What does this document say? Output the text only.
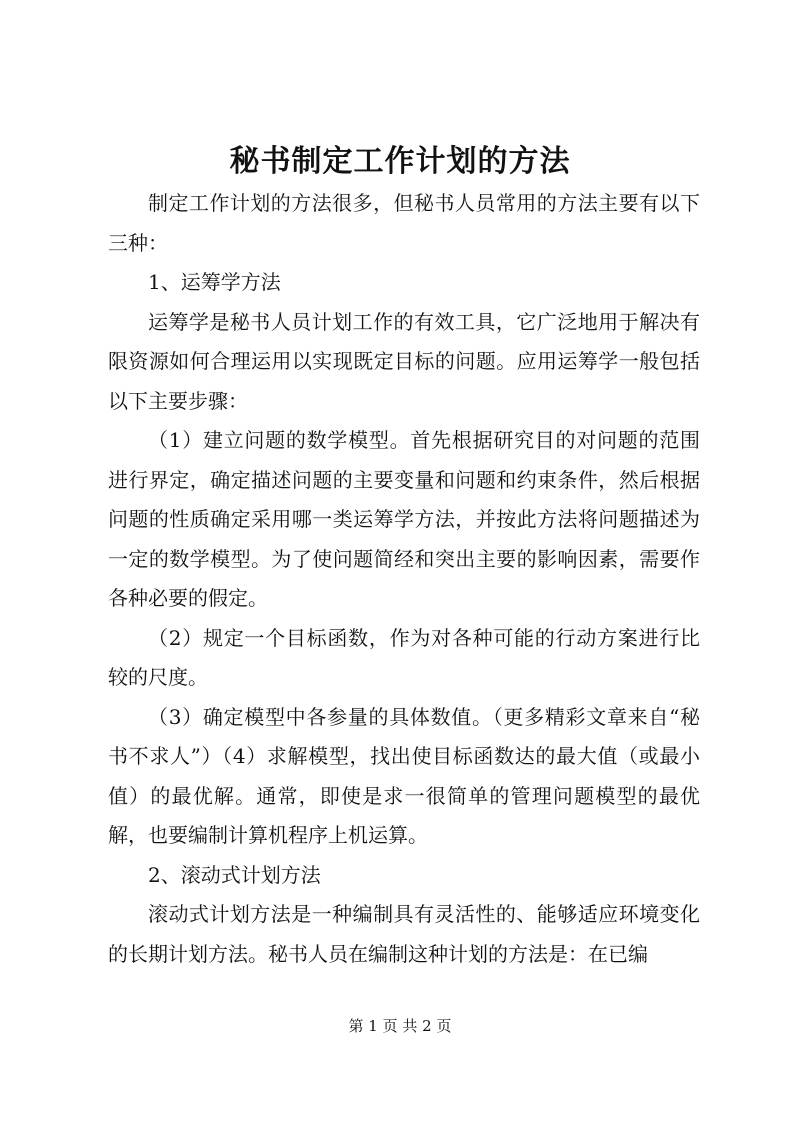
秘书制定工作计划的方法

制定工作计划的方法很多，但秘书人员常用的方法主要有以下三种：

1、运筹学方法

运筹学是秘书人员计划工作的有效工具，它广泛地用于解决有限资源如何合理运用以实现既定目标的问题。应用运筹学一般包括以下主要步骤：

（1）建立问题的数学模型。首先根据研究目的对问题的范围进行界定，确定描述问题的主要变量和问题和约束条件，然后根据问题的性质确定采用哪一类运筹学方法，并按此方法将问题描述为一定的数学模型。为了使问题简经和突出主要的影响因素，需要作各种必要的假定。

（2）规定一个目标函数，作为对各种可能的行动方案进行比较的尺度。

（3）确定模型中各参量的具体数值。（更多精彩文章来自“秘书不求人”）（4）求解模型，找出使目标函数达的最大值（或最小值）的最优解。通常，即使是求一很简单的管理问题模型的最优解，也要编制计算机程序上机运算。

2、滚动式计划方法

滚动式计划方法是一种编制具有灵活性的、能够适应环境变化的长期计划方法。秘书人员在编制这种计划的方法是：在已编

第 1 页 共 2 页
